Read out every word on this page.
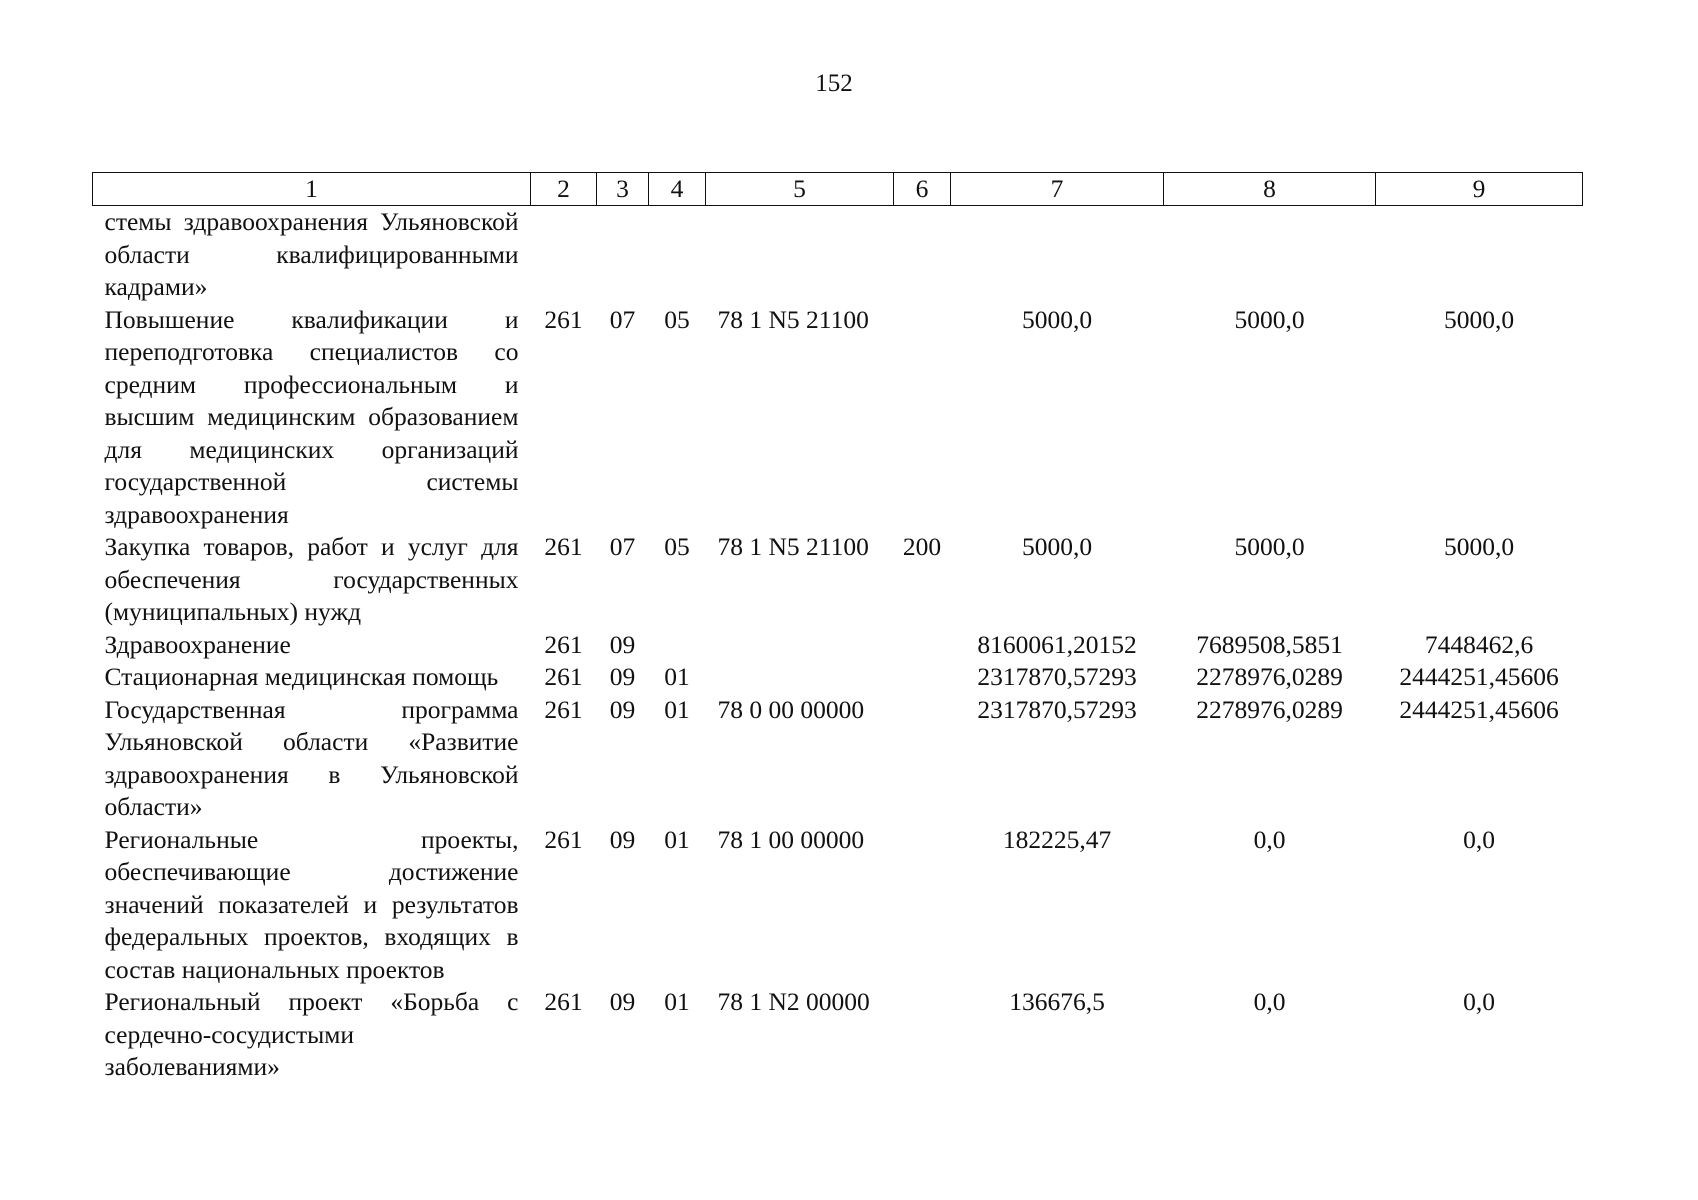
152
1	2	3	4	5	6	7	8	9
стемы здравоохранения Ульяновской области квалифицированными кадрами»								
Повышение квалификации и переподготовка специалистов со средним профессиональным и высшим медицинским образованием для медицинских организаций государственной системы здравоохранения	261	07	05	78 1 N5 21100		5000,0	5000,0	5000,0
Закупка товаров, работ и услуг для обеспечения государственных (муниципальных) нужд	261	07	05	78 1 N5 21100	200	5000,0	5000,0	5000,0
Здравоохранение	261	09				8160061,20152	7689508,5851	7448462,6
Стационарная медицинская помощь	261	09	01			2317870,57293	2278976,0289	2444251,45606
Государственная программа Ульяновской области «Развитие здравоохранения в Ульяновской области»	261	09	01	78 0 00 00000		2317870,57293	2278976,0289	2444251,45606
Региональные проекты, обеспечивающие достижение значений показателей и результатов федеральных проектов, входящих в состав национальных проектов	261	09	01	78 1 00 00000		182225,47	0,0	0,0
Региональный проект «Борьба с сердечно-сосудистыми заболеваниями»	261	09	01	78 1 N2 00000		136676,5	0,0	0,0
